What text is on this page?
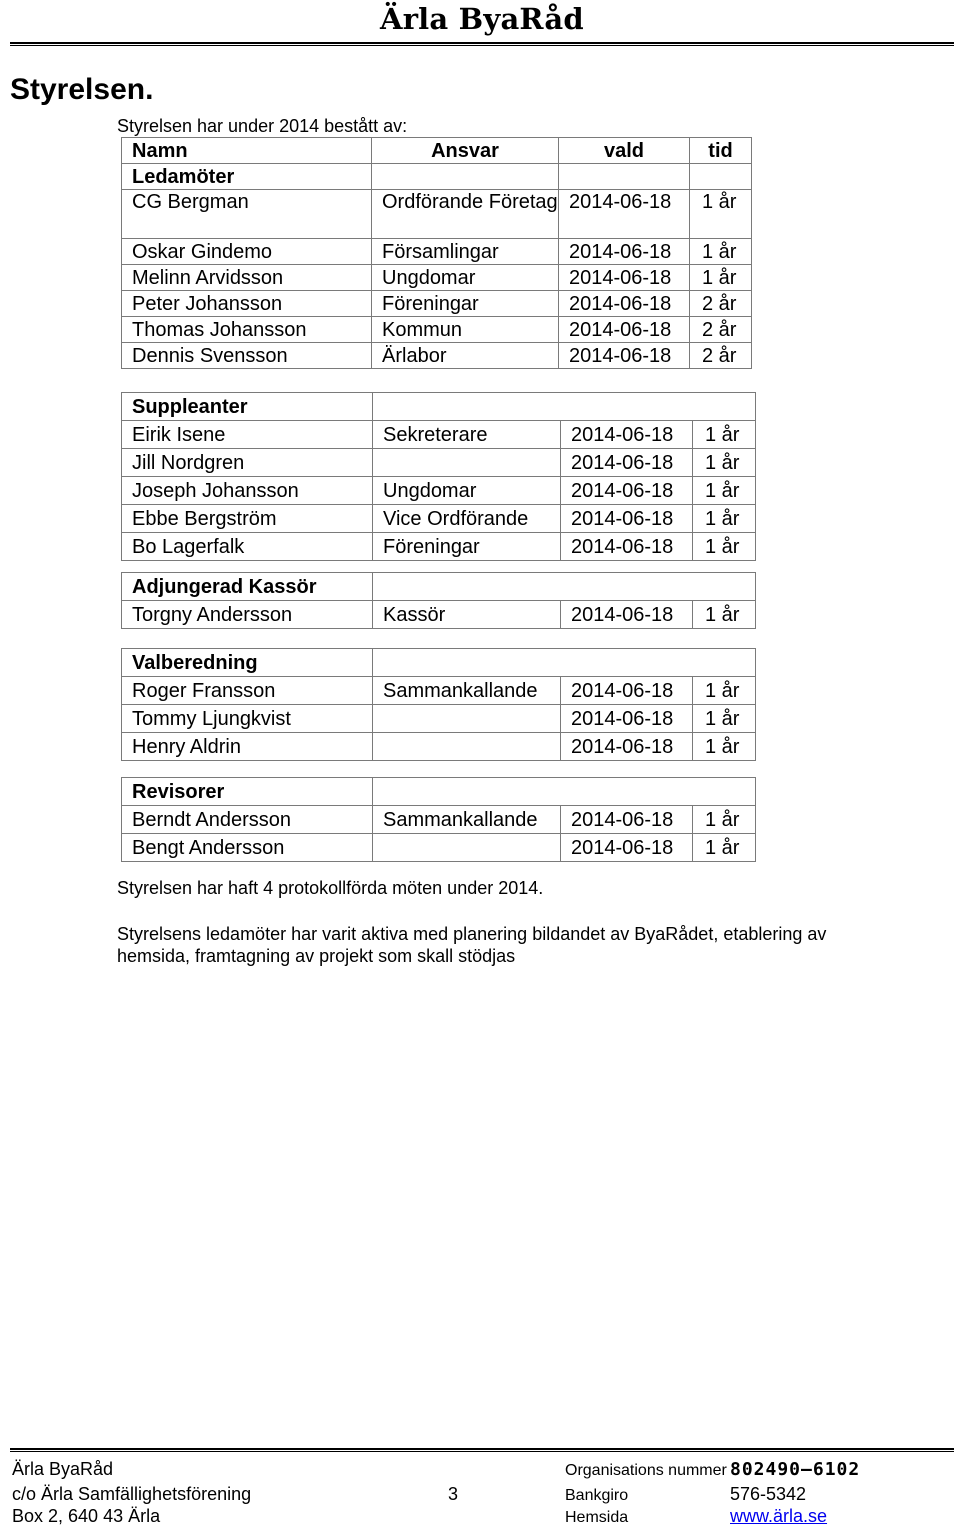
Ärla ByaRåd
Styrelsen.
Styrelsen har under 2014 bestått av:
Namn	Ansvar	vald	tid
Ledamöter			
CG Bergman	Ordförande Företag	2014-06-18	1 år
Oskar Gindemo	Församlingar	2014-06-18	1 år
Melinn Arvidsson	Ungdomar	2014-06-18	1 år
Peter Johansson	Föreningar	2014-06-18	2 år
Thomas Johansson	Kommun	2014-06-18	2 år
Dennis Svensson	Ärlabor	2014-06-18	2 år
Suppleanter			
Eirik Isene	Sekreterare	2014-06-18	1 år
Jill Nordgren		2014-06-18	1 år
Joseph Johansson	Ungdomar	2014-06-18	1 år
Ebbe Bergström	Vice Ordförande	2014-06-18	1 år
Bo Lagerfalk	Föreningar	2014-06-18	1 år
Adjungerad Kassör			
Torgny Andersson	Kassör	2014-06-18	1 år
Valberedning			
Roger Fransson	Sammankallande	2014-06-18	1 år
Tommy Ljungkvist		2014-06-18	1 år
Henry Aldrin		2014-06-18	1 år
Revisorer			
Berndt Andersson	Sammankallande	2014-06-18	1 år
Bengt Andersson		2014-06-18	1 år
Styrelsen har haft 4 protokollförda möten under 2014.
Styrelsens ledamöter har varit aktiva med planering bildandet av ByaRådet, etablering av hemsida, framtagning av projekt som skall stödjas
Ärla ByaRåd
c/o Ärla Samfällighetsförening
Box 2, 640 43 Ärla
3
Organisations nummer 802490–6102
Bankgiro	576-5342
Hemsida	www.ärla.se
